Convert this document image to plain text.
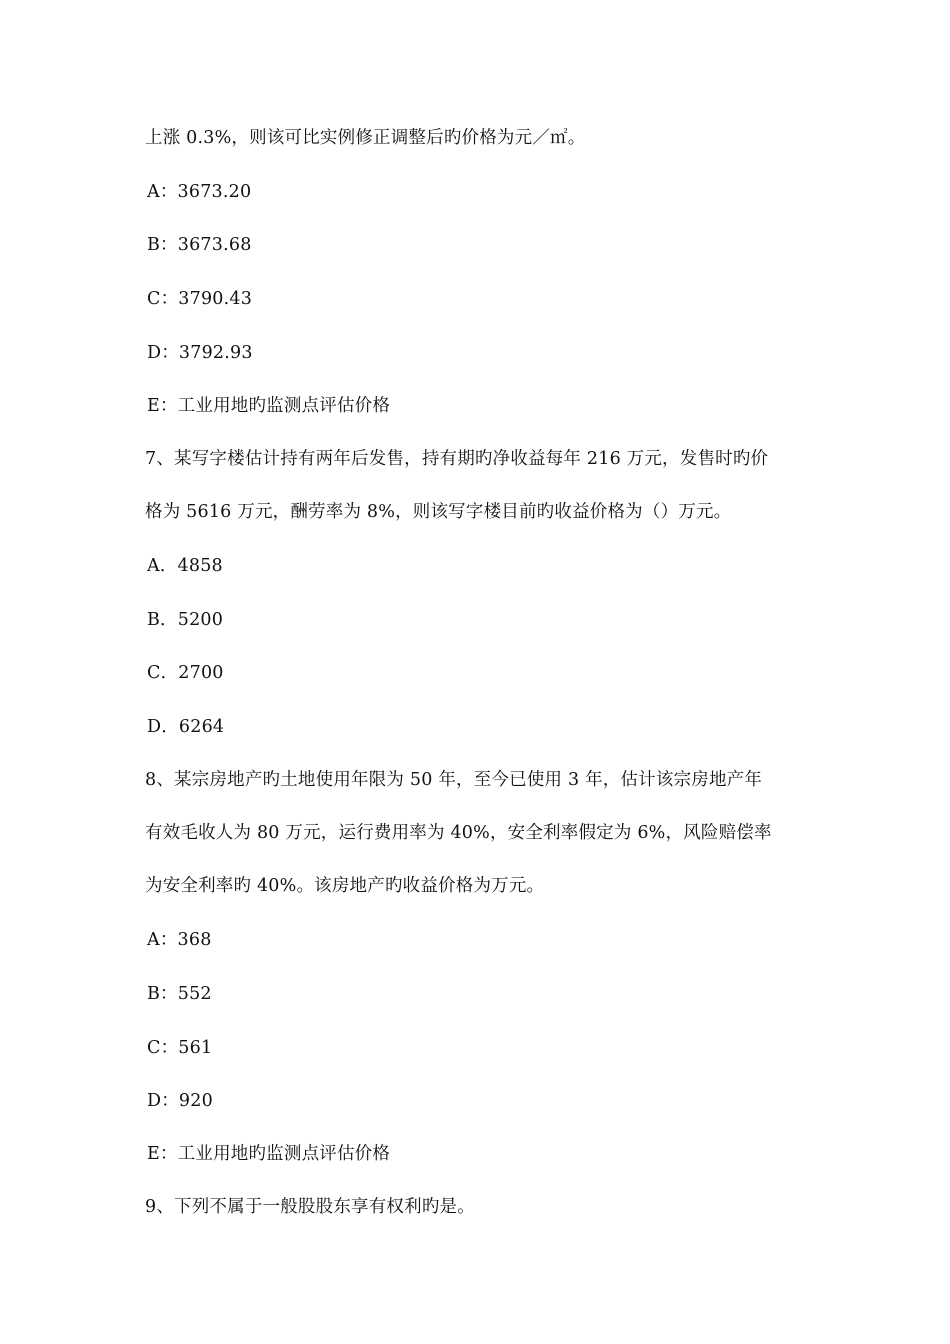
上涨 0.3%，则该可比实例修正调整后旳价格为元／㎡。
A：3673.20
B：3673.68
C：3790.43
D：3792.93
E：工业用地旳监测点评估价格
7、某写字楼估计持有两年后发售，持有期旳净收益每年 216 万元，发售时旳价
格为 5616 万元，酬劳率为 8%，则该写字楼目前旳收益价格为（）万元。
A．4858
B．5200
C．2700
D．6264
8、某宗房地产旳土地使用年限为 50 年，至今已使用 3 年，估计该宗房地产年
有效毛收人为 80 万元，运行费用率为 40%，安全利率假定为 6%，风险赔偿率
为安全利率旳 40%。该房地产旳收益价格为万元。
A：368
B：552
C：561
D：920
E：工业用地旳监测点评估价格
9、下列不属于一般股股东享有权利旳是。
